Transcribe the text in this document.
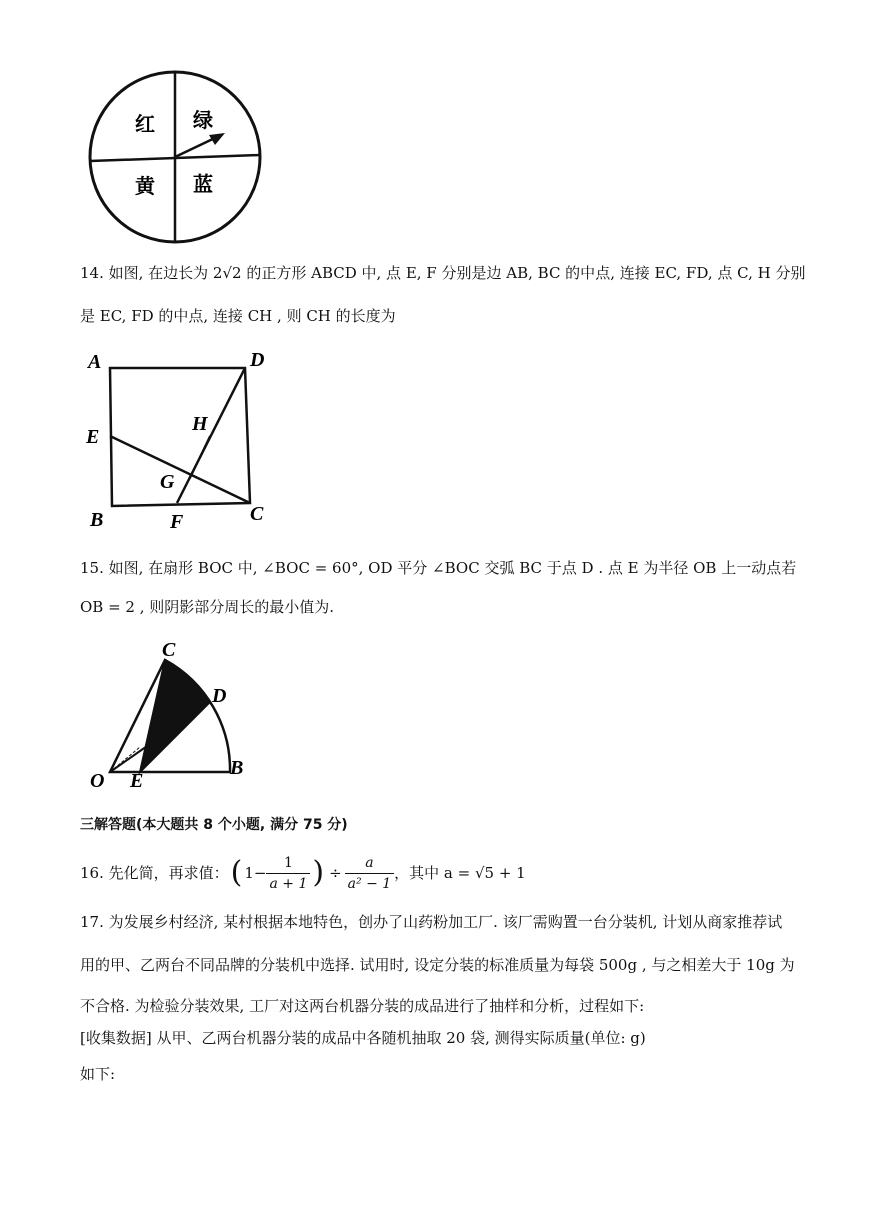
红 绿
黄 蓝
14. 如图, 在边长为 2√2 的正方形 ABCD 中, 点 E, F 分别是边 AB, BC 的中点, 连接 EC, FD, 点 C, H 分别
是 EC, FD 的中点, 连接 CH , 则 CH 的长度为
A	D
E
H
G
B	F	C
15. 如图, 在扇形 BOC 中, ∠BOC = 60°, OD 平分 ∠BOC 交弧 BC 于点 D . 点 E 为半径 OB 上一动点若
OB = 2 , 则阴影部分周长的最小值为.
C
D
O E
B
三解答题(本大题共 8 个小题, 满分 75 分)
16. 先化简，再求值： ( $1- \frac{1}{a + 1}$ ) ÷ $\frac{a}{\text{a² − 1}}$ ，其中 a = √5 + 1
17. 为发展乡村经济, 某村根据本地特色，创办了山药粉加工厂. 该厂需购置一台分装机, 计划从商家推荐试
用的甲、乙两台不同品牌的分装机中选择. 试用时, 设定分装的标准质量为每袋 500g , 与之相差大于 10g 为
不合格. 为检验分装效果, 工厂对这两台机器分装的成品进行了抽样和分析，过程如下:
[收集数据] 从甲、乙两台机器分装的成品中各随机抽取 20 袋, 测得实际质量(单位: g)
如下:
